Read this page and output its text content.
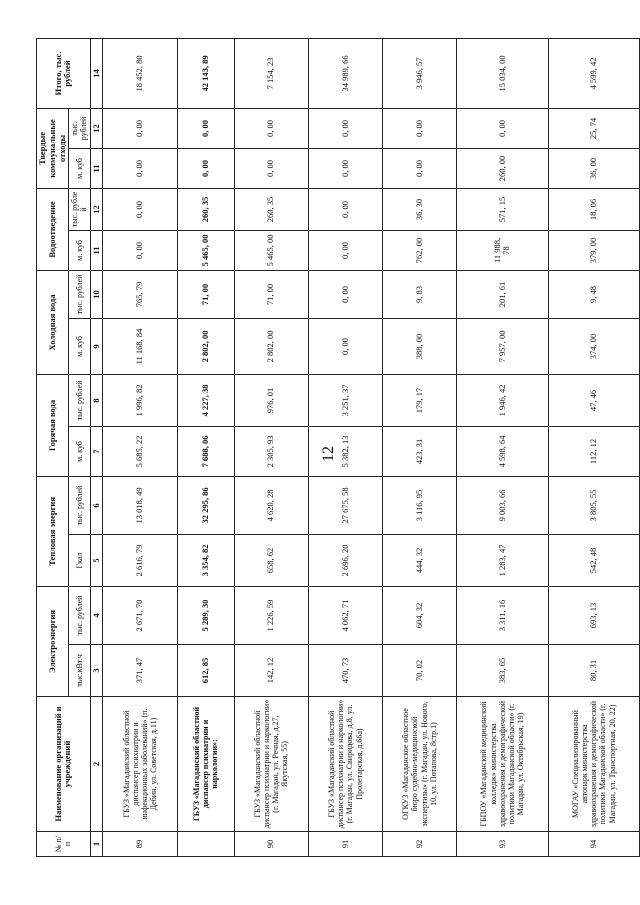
12
№ п/п	Наименование организаций и учреждений	Электроэнергия		Тепловая энергия		Горячая вода		Холодная вода		Водоотведение		Твердые коммунальные отходы		Итого, тыс. рублей
		тыс.кВт.ч	тыс. рублей	Гкал	тыс. рублей	м. куб	тыс. рублей	м. куб	тыс. рублей	м. куб	тыс. рубле й	м. куб	тыс. рублей	
1	2	3	4	5	6	7	8	9	10	11	12	11	12	14
89	ГБУЗ «Магаданский областной диспансер психиатрии и инфекционных заболеваний» (п. Дебин, ул. Советская, д.11)	371, 47	2 671, 70	2 616, 79	13 018, 49	5 685, 22	1 996, 82	11 168, 84	765, 79	0, 00	0, 00	0, 00	0, 00	18 452, 80
	ГБУЗ «Магаданский областной диспансер психиатрии и наркологии»:	612, 85	5 289, 30	3 354, 82	32 295, 86	7 688, 06	4 227, 38	2 802, 00	71, 00	5 465, 00	260, 35	0, 00	0, 00	42 143, 89
90	ГБУЗ «Магаданский областной диспансер психиатрии и наркологии» (г. Магадан, ул. Речная, д.27, Якутская, 55)	142, 12	1 226, 59	658, 62	4 620, 28	2 305, 93	976, 01	2 802, 00	71, 00	5 465, 00	260, 35	0, 00	0, 00	7 154, 23
91	ГБУЗ «Магаданский областной диспансер психиатрии и наркологии» (г. Магадан, ул. Свиридова, д.8, ул. Пролетарская, д.66а)	470, 73	4 062, 71	2 696, 20	27 675, 58	5 382, 13	3 251, 37	0, 00	0, 00	0, 00	0, 00	0, 00	0, 00	34 989, 66
92	ОГКУЗ «Магаданское областное бюро судебно-медицинской экспертизы» (г. Магадан, ул. Нового, 10, ул. Потапова, 8стр.1)	70, 02	604, 32	444, 32	3 116, 95	423, 31	179, 17	388, 00	9, 83	762, 00	36, 30	0, 00	0, 00	3 946, 57
93	ГБПОУ «Магаданский медицинский колледж» министерства здравоохранения и демографической политики Магаданской области» (г. Магадан, ул. Октябрьская, 19)	383, 65	3 311, 16	1 283, 47	9 003, 66	4 598, 64	1 946, 42	7 957, 00	201, 61	11 988, 78	571, 15	260, 00	0, 00	15 034, 00
94	МОГАУ «Специализированный автопарк министерства здравоохранения и демографической политики Магаданской области» (г. Магадан, ул. Транспортная, 20, 22)	80, 31	693, 13	542, 48	3 805, 55	112, 12	47, 46	374, 00	9, 48	379, 00	18, 06	36, 00	25, 74	4 599, 42
